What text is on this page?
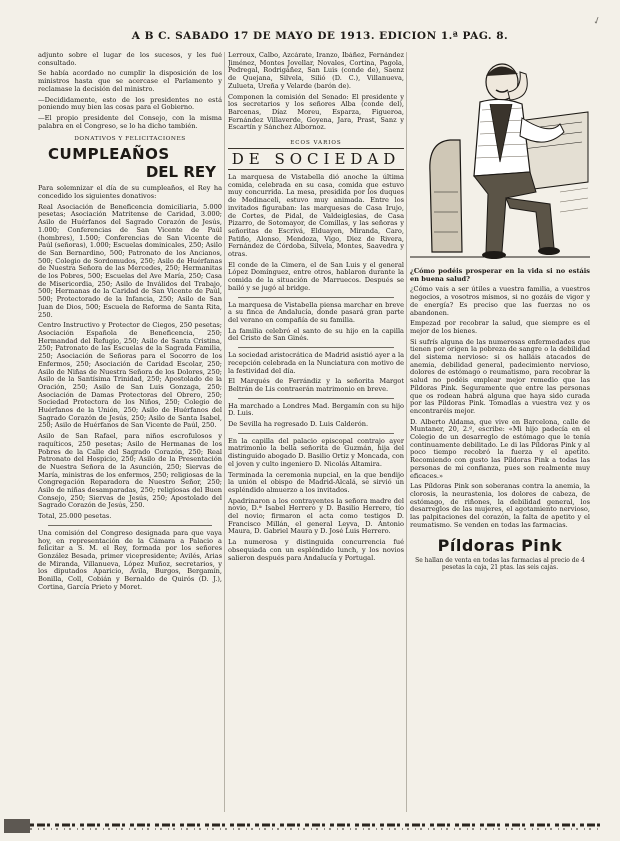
A B C. SABADO 17 DE MAYO DE 1913. EDICION 1.ª PAG. 8.
✓

adjunto sobre el lugar de los sucesos, y les fué consultado.

Se había acordado no cumplir la disposición de los ministros hasta que se acercase el Parlamento y reclamase la decisión del ministro.

—Decididamente, esto de los presidentes no está poniendo muy bien las cosas para el Gobierno.

—El propio presidente del Consejo, con la misma palabra en el Congreso, se lo ha dicho también.

DONATIVOS Y FELICITACIONES
CUMPLEAÑOS
DEL REY

Para solemnizar el día de su cumpleaños, el Rey ha concedido los siguientes donativos:

Real Asociación de Beneficencia domiciliaria, 5.000 pesetas; Asociación Matritense de Caridad, 3.000; Asilo de Huérfanos del Sagrado Corazón de Jesús, 1.000; Conferencias de San Vicente de Paúl (hombres), 1.500; Conferencias de San Vicente de Paúl (señoras), 1.000; Escuelas dominicales, 250; Asilo de San Bernardino, 500; Patronato de los Ancianos, 500; Colegio de Sordomudos, 250; Asilo de Huérfanas de Nuestra Señora de las Mercedes, 250; Hermanitas de los Pobres, 500; Escuelas del Ave María, 250; Casa de Misericordia, 250; Asilo de Inválidos del Trabajo, 500; Hermanas de la Caridad de San Vicente de Paúl, 500; Protectorado de la Infancia, 250; Asilo de San Juan de Dios, 500; Escuela de Reforma de Santa Rita, 250.

Centro Instructivo y Protector de Ciegos, 250 pesetas; Asociación Española de Beneficencia, 250; Hermandad del Refugio, 250; Asilo de Santa Cristina, 250; Patronato de las Escuelas de la Sagrada Familia, 250; Asociación de Señoras para el Socorro de los Enfermos, 250; Asociación de Caridad Escolar, 250; Asilo de Niñas de Nuestra Señora de los Dolores, 250; Asilo de la Santísima Trinidad, 250; Apostolado de la Oración, 250; Asilo de San Luis Gonzaga, 250; Asociación de Damas Protectoras del Obrero, 250; Sociedad Protectora de los Niños, 250; Colegio de Huérfanos de la Unión, 250; Asilo de Huérfanos del Sagrado Corazón de Jesús, 250; Asilo de Santa Isabel, 250; Asilo de Huérfanos de San Vicente de Paúl, 250.

Asilo de San Rafael, para niños escrofulosos y raquíticos, 250 pesetas; Asilo de Hermanas de los Pobres de la Calle del Sagrado Corazón, 250; Real Patronato del Hospicio, 250; Asilo de la Presentación de Nuestra Señora de la Asunción, 250; Siervas de María, ministras de los enfermos, 250; religiosas de la Congregación Reparadora de Nuestro Señor, 250; Asilo de niñas desamparadas, 250; religiosas del Buen Consejo, 250; Siervas de Jesús, 250; Apostolado del Sagrado Corazón de Jesús, 250.

Total, 25.000 pesetas.

Una comisión del Congreso designada para que vaya hoy, en representación de la Cámara a Palacio a felicitar a S. M. el Rey, formada por los señores González Besada, primer vicepresidente; Avilés, Arias de Miranda, Villanueva, López Muñoz, secretarios, y los diputados Aparicio, Ávila, Burgos, Bergamín, Bonilla, Coll, Cobián y Bernaldo de Quirós (D. J.), Cortina, García Prieto y Moret.

Lerroux, Calbo, Azcárate, Iranzo, Ibáñez, Fernández Jiménez, Montes Jovellar, Novales, Cortina, Pagola, Pedregal, Rodrigáñez, San Luis (conde de), Saenz de Quejana, Silvela, Silió (D. C.), Villanueva, Zulueta, Ureña y Velarde (barón de).

Componen la comisión del Senado: El presidente y los secretarios y los señores Alba (conde del), Barcenas, Díaz Moreu, Esparza, Figueroa, Fernández Villaverde, Goyena, Jara, Prast, Sanz y Escartín y Sánchez Albornoz.

ECOS VARIOS
DE SOCIEDAD

La marquesa de Vistabella dió anoche la última comida, celebrada en su casa, comida que estuvo muy concurrida. La mesa, presidida por los duques de Medinaceli, estuvo muy animada. Entre los invitados figuraban: las marquesas de Casa Irujo, de Cortes, de Pidal, de Valdeiglesias, de Casa Pizarro, de Sotomayor, de Comillas, y las señoras y señoritas de Escrivá, Elduayen, Miranda, Caro, Patiño, Alonso, Mendoza, Vigo, Diez de Rivera, Fernández de Córdoba, Silvela, Montes, Saavedra y otras.

El conde de la Cimera, el de San Luis y el general López Domínguez, entre otros, hablaron durante la comida de la situación de Marruecos. Después se bailó y se jugó al bridge.

La marquesa de Vistabella piensa marchar en breve a su finca de Andalucía, donde pasará gran parte del verano en compañía de su familia.

La familia celebró el santo de su hijo en la capilla del Cristo de San Ginés.

La sociedad aristocrática de Madrid asistió ayer a la recepción celebrada en la Nunciatura con motivo de la festividad del día.

El Marqués de Ferrándiz y la señorita Margot Beltrán de Lis contraerán matrimonio en breve.

Ha marchado a Londres Mad. Bergamín con su hijo D. Luis.

De Sevilla ha regresado D. Luis Calderón.

En la capilla del palacio episcopal contrajo ayer matrimonio la bella señorita de Guzmán, hija del distinguido abogado D. Basilio Ortiz y Moncada, con el joven y culto ingeniero D. Nicolás Altamira.

Terminada la ceremonia nupcial, en la que bendijo la unión el obispo de Madrid-Alcalá, se sirvió un espléndido almuerzo a los invitados.

Apadrinaron a los contrayentes la señora madre del novio, D.ª Isabel Herrero y D. Basilio Herrero, tío del novio; firmaron el acta como testigos D. Francisco Millán, el general Leyva, D. Antonio Maura, D. Gabriel Maura y D. José Luis Herrero.

La numerosa y distinguida concurrencia fué obsequiada con un espléndido lunch, y los novios salieron después para Andalucía y Portugal.

¿Cómo podéis prosperar en la vida si no estáis en buena salud?

¿Cómo vais a ser útiles a vuestra familia, a vuestros negocios, a vosotros mismos, si no gozáis de vigor y de energía? Es preciso que las fuerzas no os abandonen.

Empezad por recobrar la salud, que siempre es el mejor de los bienes.

Si sufrís alguna de las numerosas enfermedades que tienen por origen la pobreza de sangre o la debilidad del sistema nervioso: si os halláis atacados de anemia, debilidad general, padecimiento nervioso, dolores de estómago o reumatismo, para recobrar la salud no podéis emplear mejor remedio que las Píldoras Pink. Seguramente que entre las personas que os rodean habrá alguna que haya sido curada por las Píldoras Pink. Tomadlas a vuestra vez y os encontraréis mejor.

D. Alberto Aldama, que vive en Barcelona, calle de Muntaner, 20, 2.º, escribe: «Mi hijo padecía en el Colegio de un desarreglo de estómago que le tenía continuamente debilitado. Le di las Píldoras Pink y al poco tiempo recobró la fuerza y el apetito. Recomiendo con gusto las Píldoras Pink a todas las personas de mi confianza, pues son realmente muy eficaces.»

Las Píldoras Pink son soberanas contra la anemia, la clorosis, la neurastenia, los dolores de cabeza, de estómago, de riñones, la debilidad general, los desarreglos de las mujeres, el agotamiento nervioso, las palpitaciones del corazón, la falta de apetito y el reumatismo. Se venden en todas las farmacias.

Píldoras Pink

Se hallan de venta en todas las farmacias al precio de 4 pesetas la caja, 21 ptas. las seis cajas.
